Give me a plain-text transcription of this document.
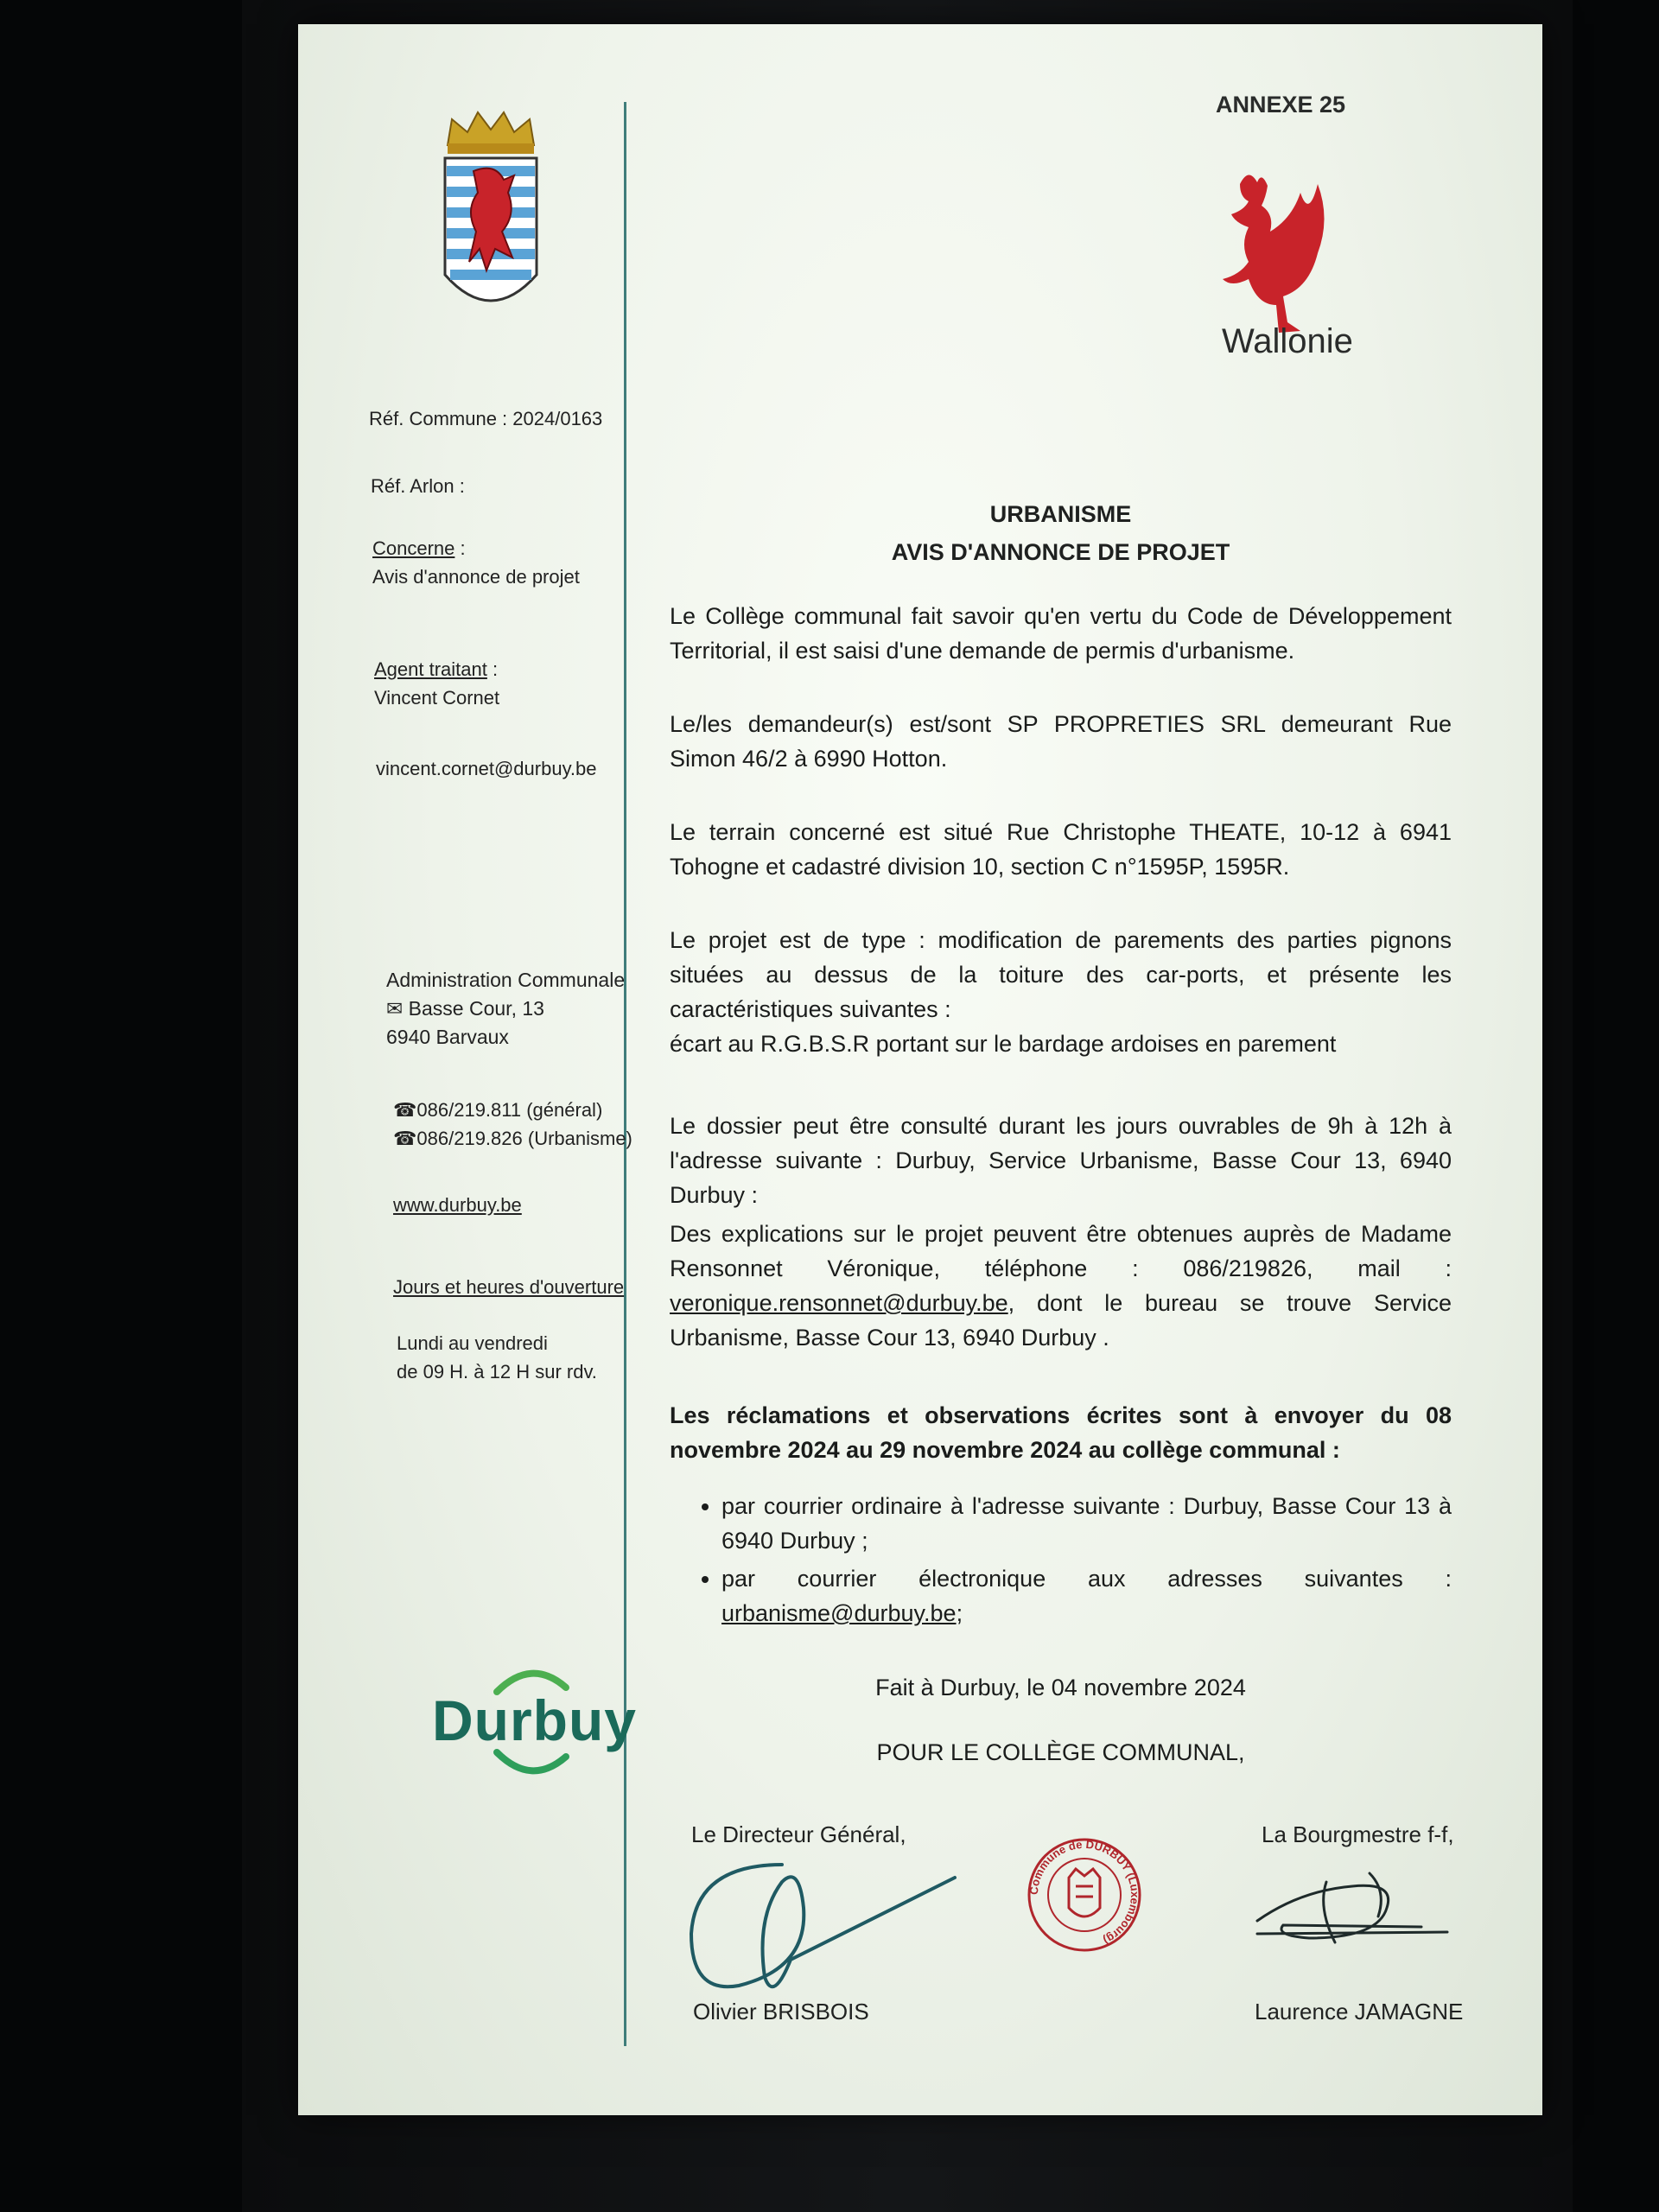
ANNEXE 25
Wallonie
Réf. Commune : 2024/0163
Réf. Arlon :
Concerne :
Avis d'annonce de projet
Agent traitant :
Vincent Cornet
vincent.cornet@durbuy.be
Administration Communale
✉ Basse Cour, 13
6940 Barvaux
☎086/219.811 (général)
☎086/219.826 (Urbanisme)
www.durbuy.be
Jours et heures d'ouverture
Lundi au vendredi
de 09 H. à 12 H sur rdv.
Durbuy
URBANISME
AVIS D'ANNONCE DE PROJET
Le Collège communal fait savoir qu'en vertu du Code de Développement Territorial, il est saisi d'une demande de permis d'urbanisme.
Le/les demandeur(s) est/sont SP PROPRETIES SRL demeurant Rue Simon 46/2 à 6990 Hotton.
Le terrain concerné est situé Rue Christophe THEATE, 10-12 à 6941 Tohogne et cadastré division 10, section C n°1595P, 1595R.
Le projet est de type : modification de parements des parties pignons situées au dessus de la toiture des car-ports, et présente les caractéristiques suivantes :
écart au R.G.B.S.R portant sur le bardage ardoises en parement
Le dossier peut être consulté durant les jours ouvrables de 9h à 12h à l'adresse suivante : Durbuy, Service Urbanisme, Basse Cour 13, 6940 Durbuy :
Des explications sur le projet peuvent être obtenues auprès de Madame Rensonnet Véronique, téléphone : 086/219826, mail : veronique.rensonnet@durbuy.be, dont le bureau se trouve Service Urbanisme, Basse Cour 13, 6940 Durbuy .
Les réclamations et observations écrites sont à envoyer du 08 novembre 2024 au 29 novembre 2024 au collège communal :
• par courrier ordinaire à l'adresse suivante : Durbuy, Basse Cour 13 à 6940 Durbuy ;
• par courrier électronique aux adresses suivantes : urbanisme@durbuy.be;
Fait à Durbuy, le 04 novembre 2024
POUR LE COLLÈGE COMMUNAL,
Le Directeur Général,	La Bourgmestre f-f,
Commune de DURBUY (Luxembourg)
Olivier BRISBOIS	Laurence JAMAGNE
